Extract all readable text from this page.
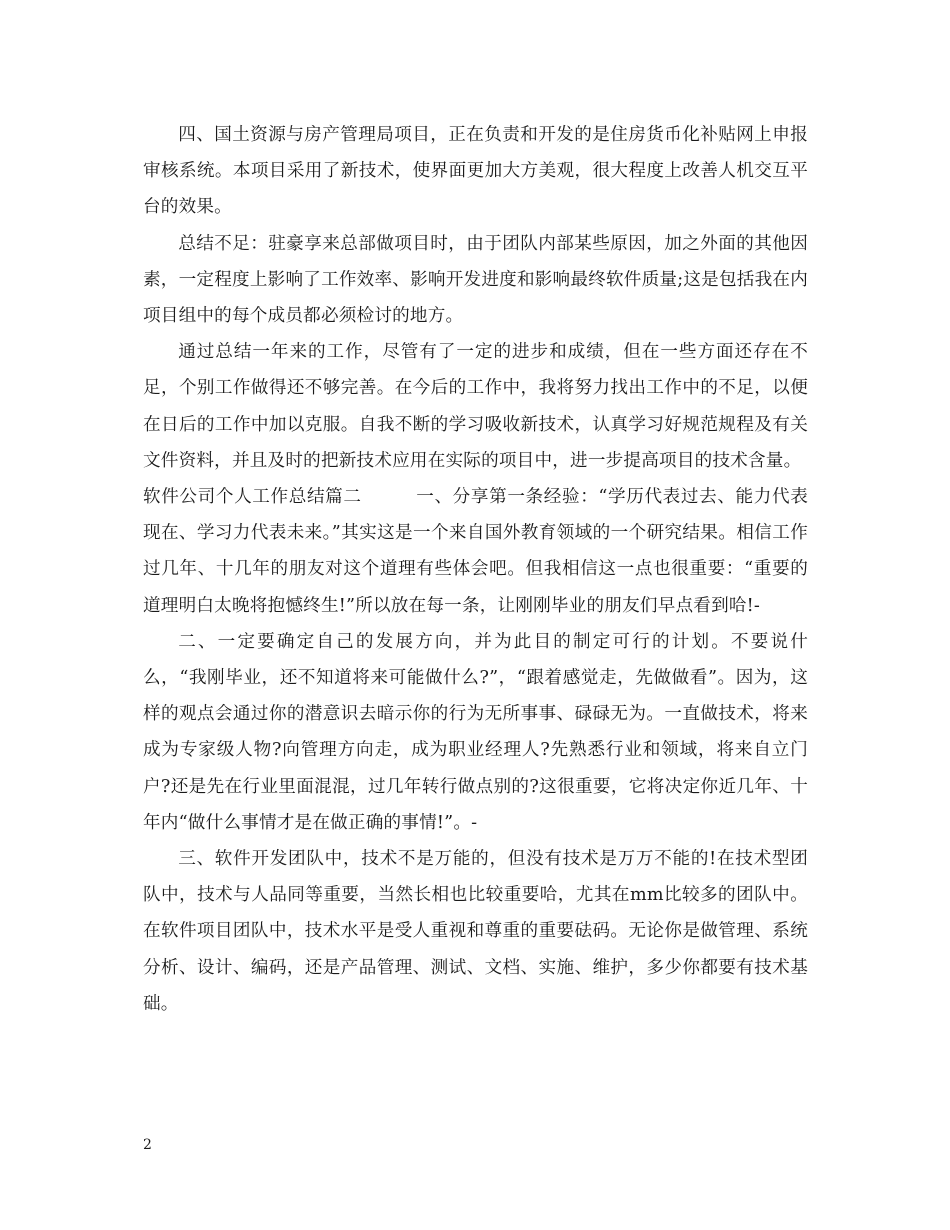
四、国土资源与房产管理局项目，正在负责和开发的是住房货币化补贴网上申报审核系统。本项目采用了新技术，使界面更加大方美观，很大程度上改善人机交互平台的效果。

总结不足：驻豪享来总部做项目时，由于团队内部某些原因，加之外面的其他因素，一定程度上影响了工作效率、影响开发进度和影响最终软件质量;这是包括我在内项目组中的每个成员都必须检讨的地方。

通过总结一年来的工作，尽管有了一定的进步和成绩，但在一些方面还存在不足，个别工作做得还不够完善。在今后的工作中，我将努力找出工作中的不足，以便在日后的工作中加以克服。自我不断的学习吸收新技术，认真学习好规范规程及有关文件资料，并且及时的把新技术应用在实际的项目中，进一步提高项目的技术含量。

软件公司个人工作总结篇二　　　一、分享第一条经验：“学历代表过去、能力代表现在、学习力代表未来。”其实这是一个来自国外教育领域的一个研究结果。相信工作过几年、十几年的朋友对这个道理有些体会吧。但我相信这一点也很重要：“重要的道理明白太晚将抱憾终生!”所以放在每一条，让刚刚毕业的朋友们早点看到哈!-

二、一定要确定自己的发展方向，并为此目的制定可行的计划。不要说什么，“我刚毕业，还不知道将来可能做什么?”，“跟着感觉走，先做做看”。因为，这样的观点会通过你的潜意识去暗示你的行为无所事事、碌碌无为。一直做技术，将来成为专家级人物?向管理方向走，成为职业经理人?先熟悉行业和领域，将来自立门户?还是先在行业里面混混，过几年转行做点别的?这很重要，它将决定你近几年、十年内“做什么事情才是在做正确的事情!”。-

三、软件开发团队中，技术不是万能的，但没有技术是万万不能的!在技术型团队中，技术与人品同等重要，当然长相也比较重要哈，尤其在mm比较多的团队中。在软件项目团队中，技术水平是受人重视和尊重的重要砝码。无论你是做管理、系统分析、设计、编码，还是产品管理、测试、文档、实施、维护，多少你都要有技术基础。

2
